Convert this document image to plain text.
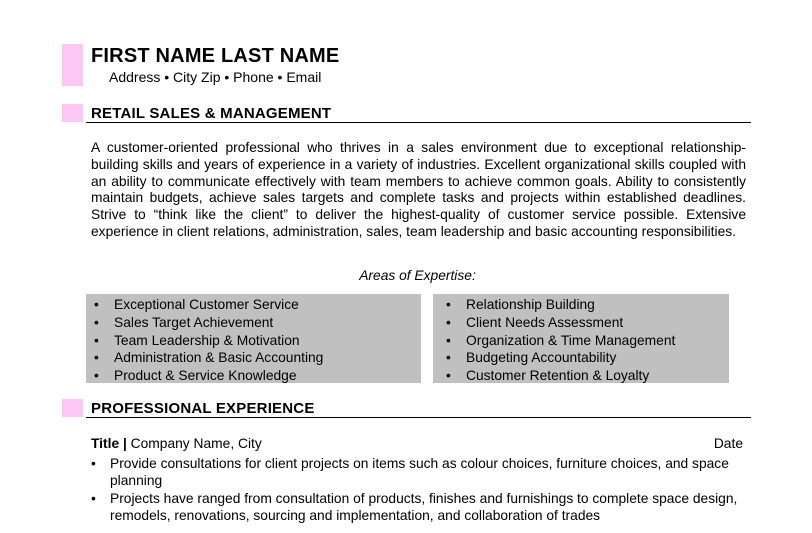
FIRST NAME LAST NAME
Address • City Zip • Phone • Email
RETAIL SALES & MANAGEMENT

A customer-oriented professional who thrives in a sales environment due to exceptional relationship-building skills and years of experience in a variety of industries. Excellent organizational skills coupled with an ability to communicate effectively with team members to achieve common goals. Ability to consistently maintain budgets, achieve sales targets and complete tasks and projects within established deadlines. Strive to “think like the client” to deliver the highest-quality of customer service possible. Extensive experience in client relations, administration, sales, team leadership and basic accounting responsibilities.

Areas of Expertise:
• Exceptional Customer Service
• Sales Target Achievement
• Team Leadership & Motivation
• Administration & Basic Accounting
• Product & Service Knowledge
• Relationship Building
• Client Needs Assessment
• Organization & Time Management
• Budgeting Accountability
• Customer Retention & Loyalty
PROFESSIONAL EXPERIENCE
Title | Company Name, City	Date
• Provide consultations for client projects on items such as colour choices, furniture choices, and space planning
• Projects have ranged from consultation of products, finishes and furnishings to complete space design, remodels, renovations, sourcing and implementation, and collaboration of trades
